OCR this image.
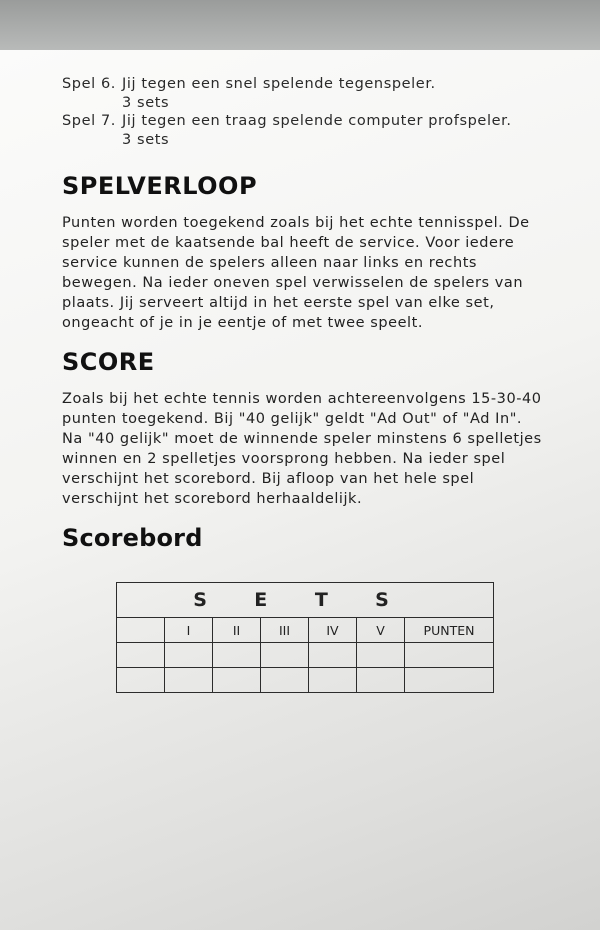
Spel 6. Jij tegen een snel spelende tegenspeler.
3 sets
Spel 7. Jij tegen een traag spelende computer profspeler.
3 sets
SPELVERLOOP
Punten worden toegekend zoals bij het echte tennisspel. De speler met de kaatsende bal heeft de service. Voor iedere service kunnen de spelers alleen naar links en rechts bewegen. Na ieder oneven spel verwisselen de spelers van plaats. Jij serveert altijd in het eerste spel van elke set, ongeacht of je in je eentje of met twee speelt.
SCORE
Zoals bij het echte tennis worden achtereenvolgens 15-30-40 punten toegekend. Bij "40 gelijk" geldt "Ad Out" of "Ad In". Na "40 gelijk" moet de winnende speler minstens 6 spelletjes winnen en 2 spelletjes voorsprong hebben. Na ieder spel verschijnt het scorebord. Bij afloop van het hele spel verschijnt het scorebord herhaaldelijk.
Scorebord
S E T S						
	I	II	III	IV	V	PUNTEN
